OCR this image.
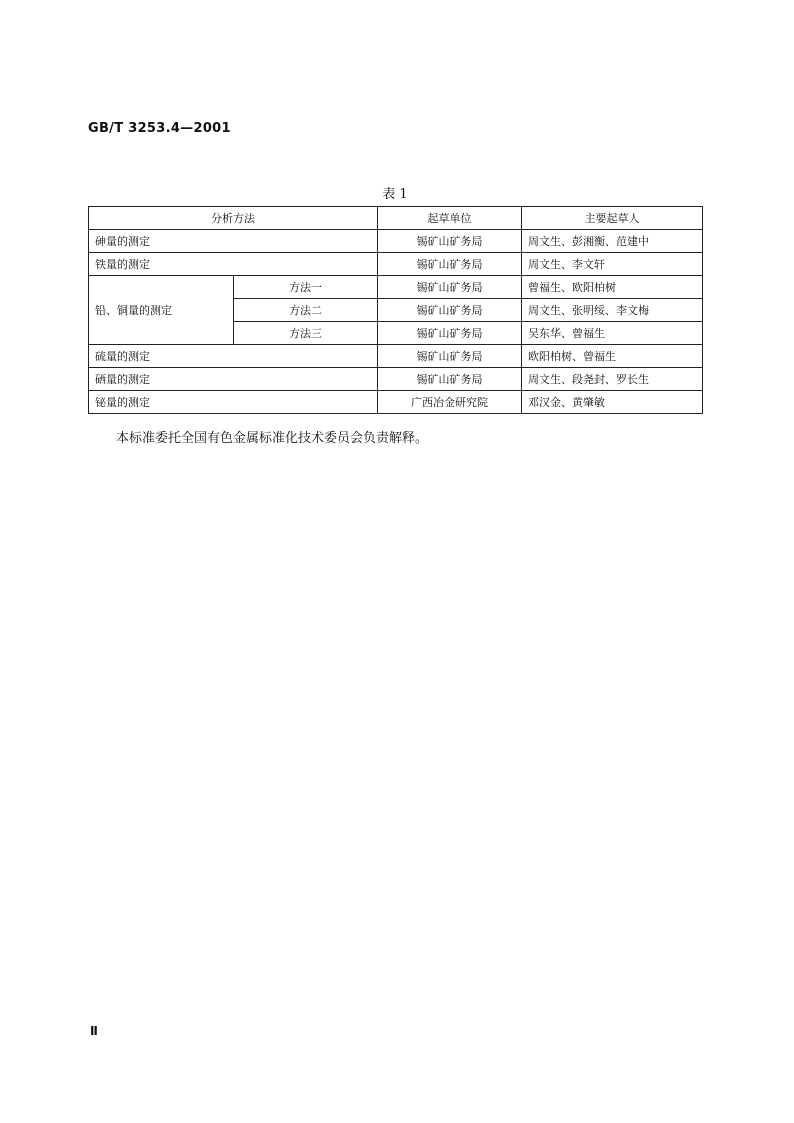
GB/T 3253.4—2001
表 1
分析方法		起草单位	主要起草人
砷量的测定		锡矿山矿务局	周文生、彭湘衡、范建中
铁量的测定		锡矿山矿务局	周文生、李文轩
铅、铜量的测定	方法一	锡矿山矿务局	曾福生、欧阳柏树
	方法二	锡矿山矿务局	周文生、张明绥、李文梅
	方法三	锡矿山矿务局	吴东华、曾福生
硫量的测定		锡矿山矿务局	欧阳柏树、曾福生
硒量的测定		锡矿山矿务局	周文生、段尧封、罗长生
铋量的测定		广西冶金研究院	邓汉金、黄肇敏
本标准委托全国有色金属标准化技术委员会负责解释。
Ⅱ
